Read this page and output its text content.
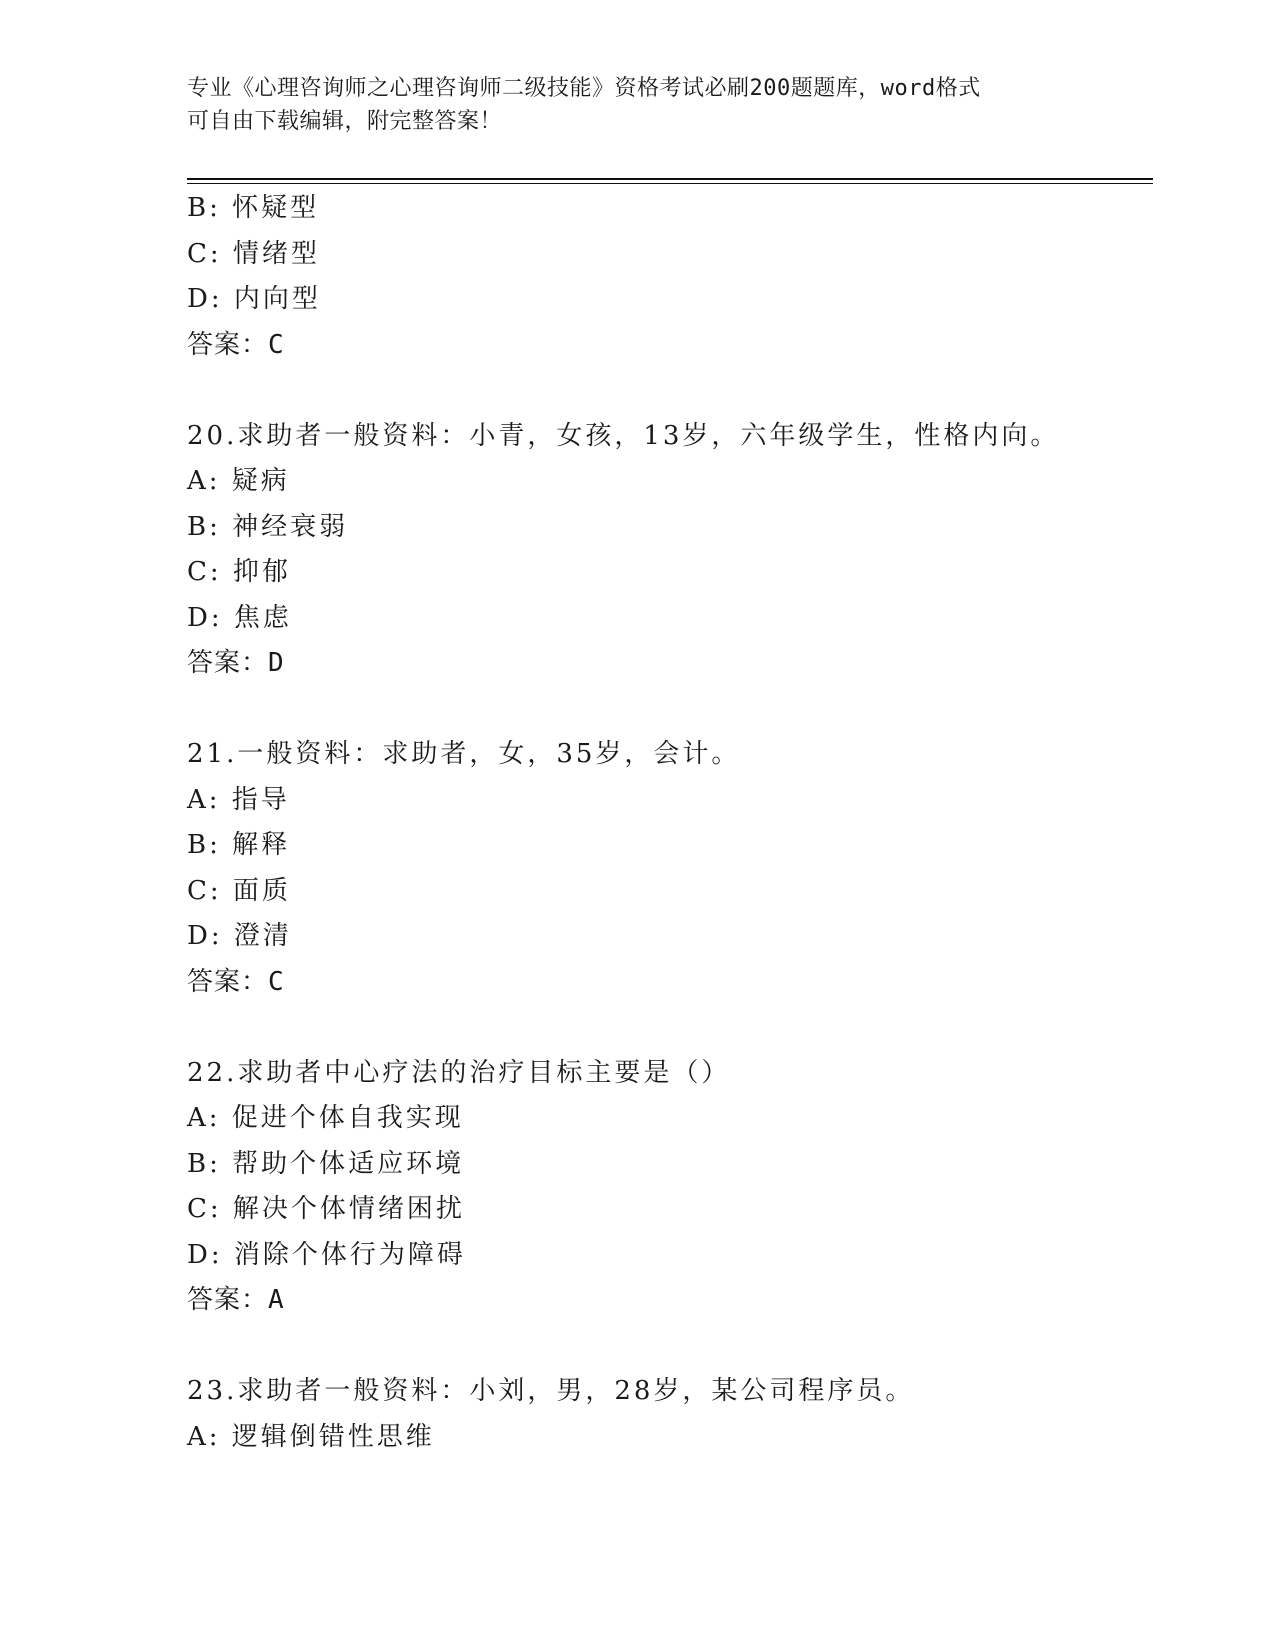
专业《心理咨询师之心理咨询师二级技能》资格考试必刷200题题库，word格式
可自由下载编辑，附完整答案！
B: 怀疑型
C: 情绪型
D: 内向型
答案：C
20.求助者一般资料：小青，女孩，13岁，六年级学生，性格内向。
A: 疑病
B: 神经衰弱
C: 抑郁
D: 焦虑
答案：D
21.一般资料：求助者，女，35岁，会计。
A: 指导
B: 解释
C: 面质
D: 澄清
答案：C
22.求助者中心疗法的治疗目标主要是（）
A: 促进个体自我实现
B: 帮助个体适应环境
C: 解决个体情绪困扰
D: 消除个体行为障碍
答案：A
23.求助者一般资料：小刘，男，28岁，某公司程序员。
A: 逻辑倒错性思维
